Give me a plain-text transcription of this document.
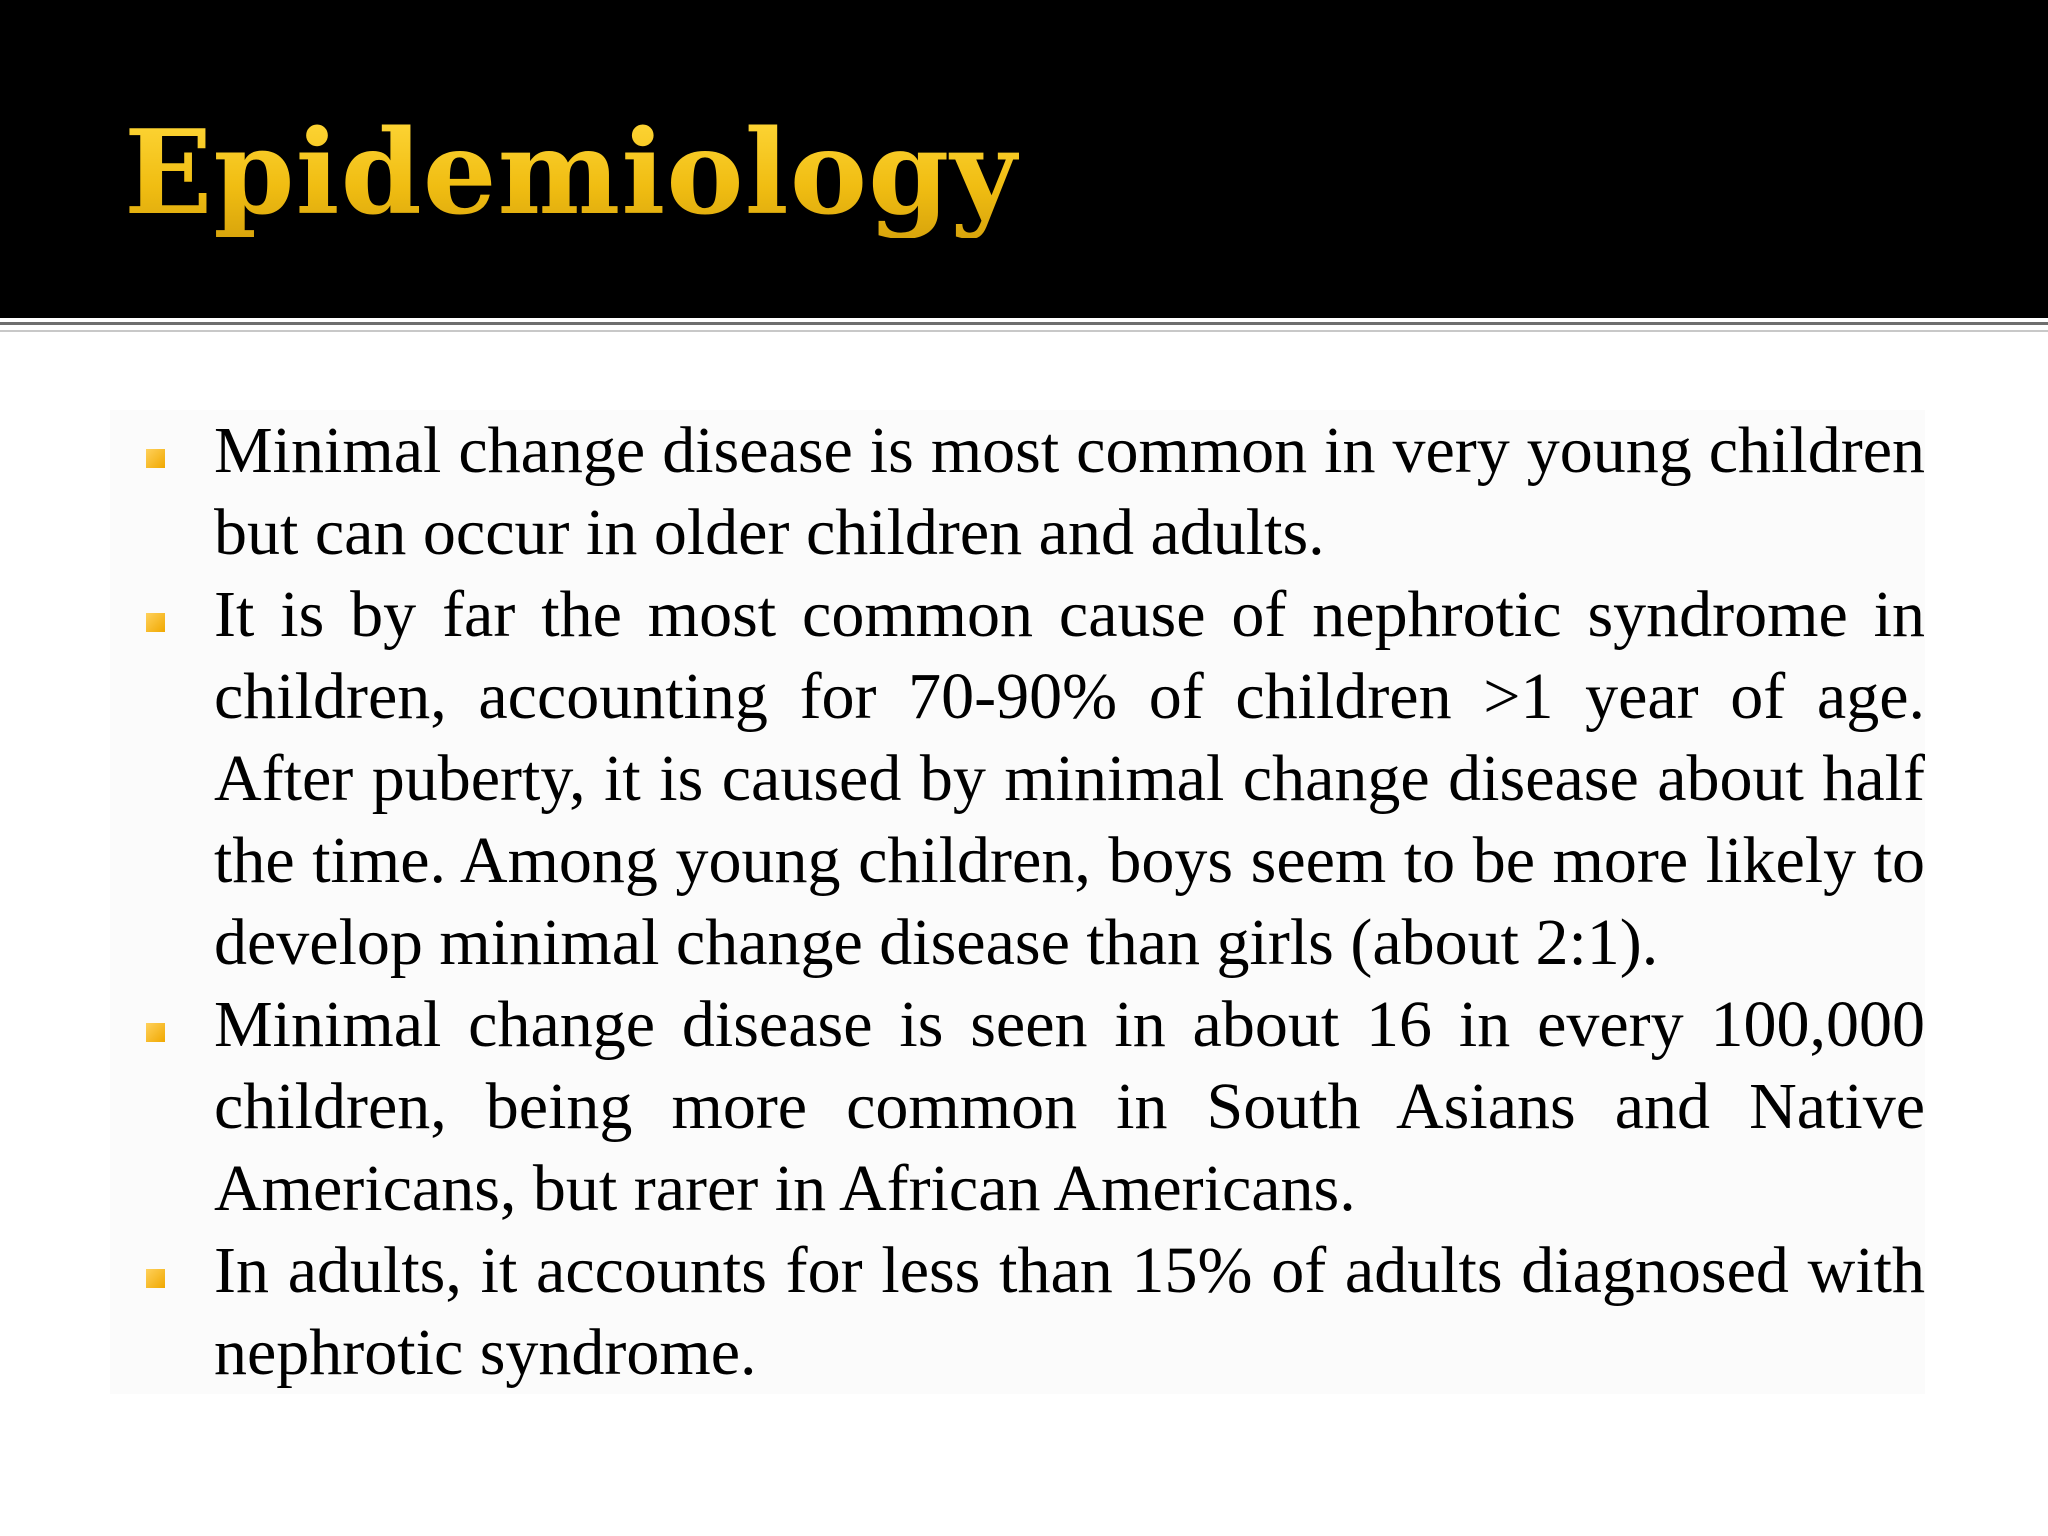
Epidemiology
Minimal change disease is most common in very young children but can occur in older children and adults.
It is by far the most common cause of nephrotic syndrome in children, accounting for 70-90% of children >1 year of age. After puberty, it is caused by minimal change disease about half the time. Among young children, boys seem to be more likely to develop minimal change disease than girls (about 2:1).
Minimal change disease is seen in about 16 in every 100,000 children, being more common in South Asians and Native Americans, but rarer in African Americans.
In adults, it accounts for less than 15% of adults diagnosed with nephrotic syndrome.
